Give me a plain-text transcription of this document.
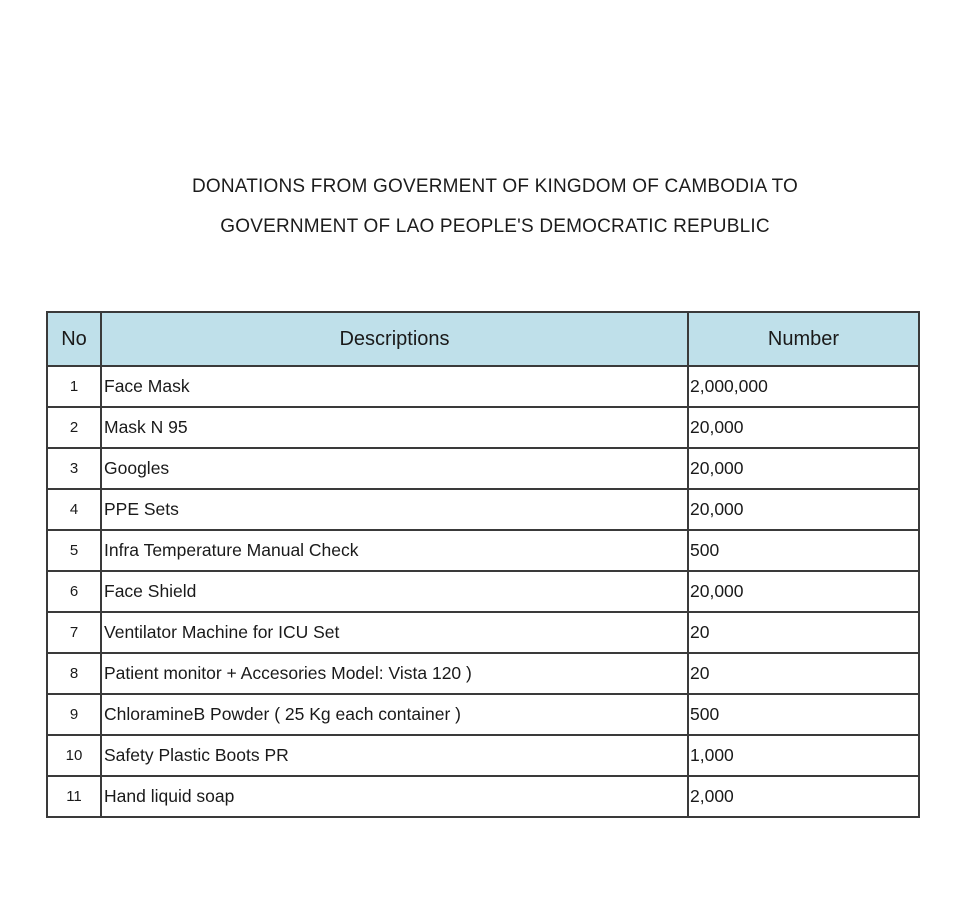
DONATIONS FROM GOVERMENT OF KINGDOM OF CAMBODIA TO
GOVERNMENT OF LAO PEOPLE'S DEMOCRATIC REPUBLIC
No	Descriptions	Number
1	Face Mask	2,000,000
2	Mask N 95	20,000
3	Googles	20,000
4	PPE Sets	20,000
5	Infra Temperature Manual Check	500
6	Face Shield	20,000
7	Ventilator Machine for ICU Set	20
8	Patient monitor + Accesories Model: Vista 120 )	20
9	ChloramineB Powder ( 25 Kg each container )	500
10	Safety Plastic Boots PR	1,000
11	Hand liquid soap	2,000
